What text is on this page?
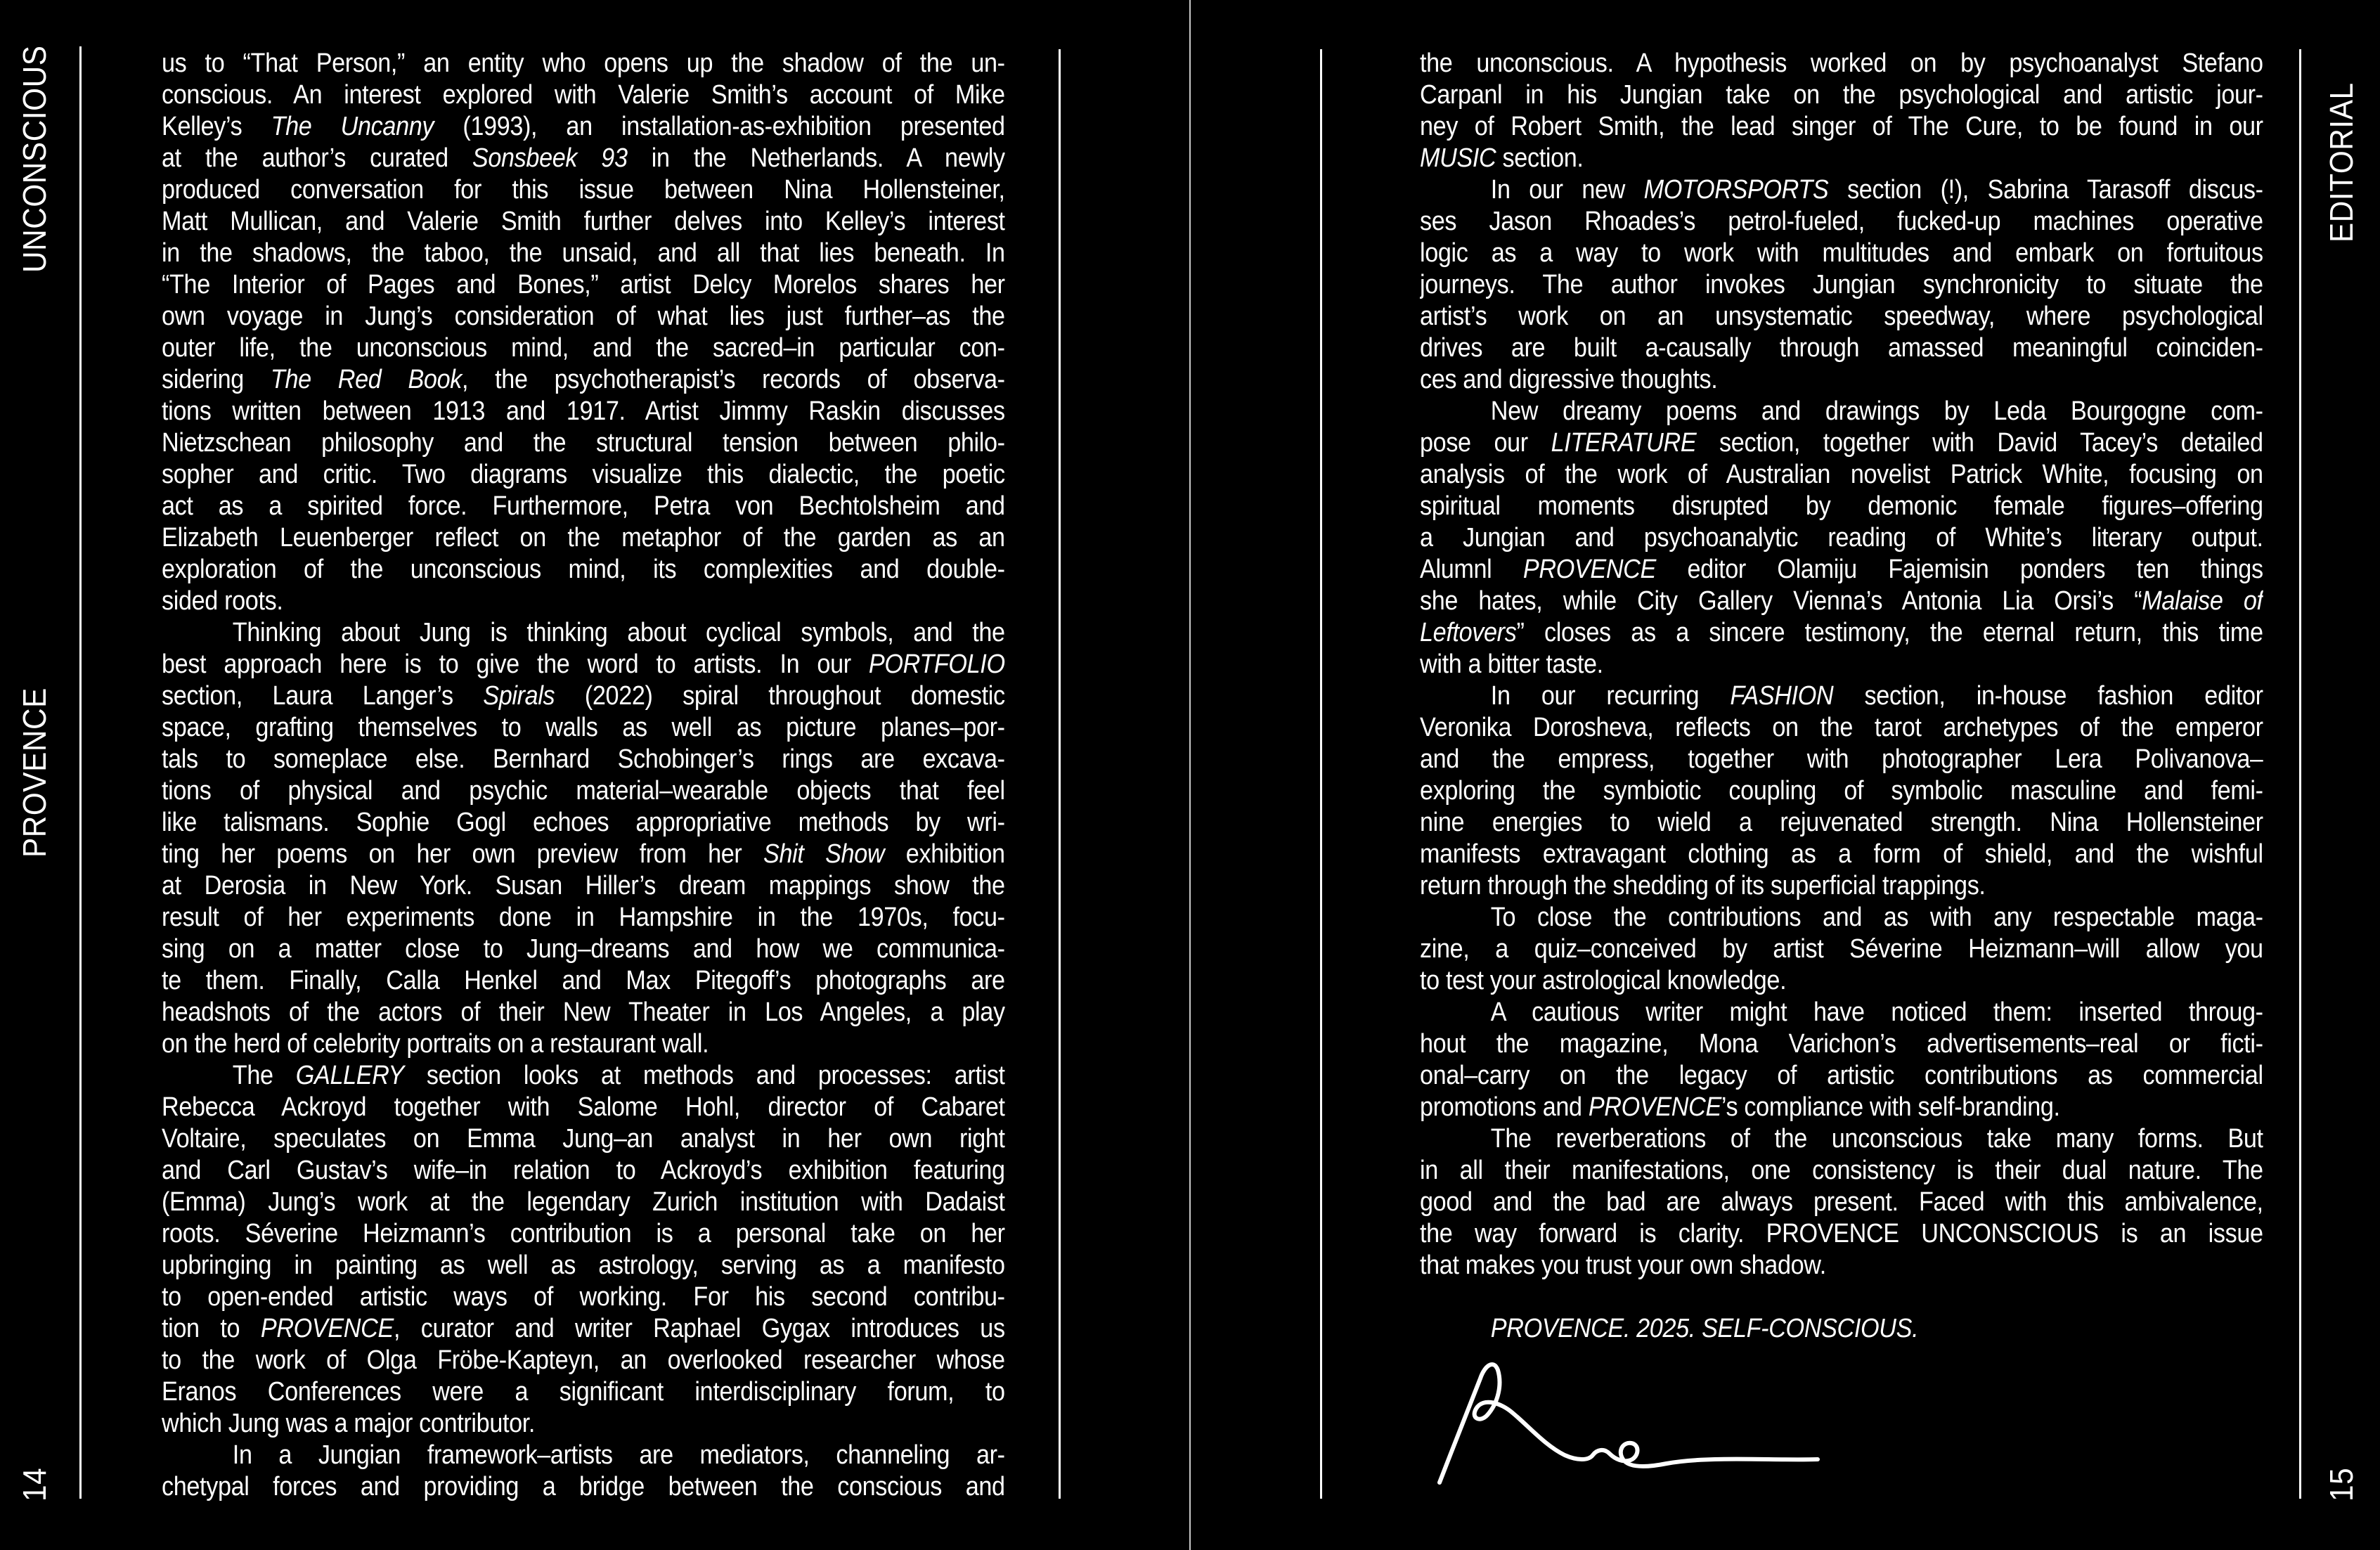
UNCONSCIOUS
PROVENCE
14
EDITORIAL
15
us to “That Person,” an entity who opens up the shadow of the un-
conscious. An interest explored with Valerie Smith’s account of Mike
Kelley’s The Uncanny (1993), an installation-as-exhibition presented
at the author’s curated Sonsbeek 93 in the Netherlands. A newly
produced conversation for this issue between Nina Hollensteiner,
Matt Mullican, and Valerie Smith further delves into Kelley’s interest
in the shadows, the taboo, the unsaid, and all that lies beneath. In
“The Interior of Pages and Bones,” artist Delcy Morelos shares her
own voyage in Jung’s consideration of what lies just further–as the
outer life, the unconscious mind, and the sacred–in particular con-
sidering The Red Book, the psychotherapist’s records of observa-
tions written between 1913 and 1917. Artist Jimmy Raskin discusses
Nietzschean philosophy and the structural tension between philo-
sopher and critic. Two diagrams visualize this dialectic, the poetic
act as a spirited force. Furthermore, Petra von Bechtolsheim and
Elizabeth Leuenberger reflect on the metaphor of the garden as an
exploration of the unconscious mind, its complexities and double-
sided roots.
Thinking about Jung is thinking about cyclical symbols, and the
best approach here is to give the word to artists. In our PORTFOLIO
section, Laura Langer’s Spirals (2022) spiral throughout domestic
space, grafting themselves to walls as well as picture planes–por-
tals to someplace else. Bernhard Schobinger’s rings are excava-
tions of physical and psychic material–wearable objects that feel
like talismans. Sophie Gogl echoes appropriative methods by wri-
ting her poems on her own preview from her Shit Show exhibition
at Derosia in New York. Susan Hiller’s dream mappings show the
result of her experiments done in Hampshire in the 1970s, focu-
sing on a matter close to Jung–dreams and how we communica-
te them. Finally, Calla Henkel and Max Pitegoff’s photographs are
headshots of the actors of their New Theater in Los Angeles, a play
on the herd of celebrity portraits on a restaurant wall.
The GALLERY section looks at methods and processes: artist
Rebecca Ackroyd together with Salome Hohl, director of Cabaret
Voltaire, speculates on Emma Jung–an analyst in her own right
and Carl Gustav’s wife–in relation to Ackroyd’s exhibition featuring
(Emma) Jung’s work at the legendary Zurich institution with Dadaist
roots. Séverine Heizmann’s contribution is a personal take on her
upbringing in painting as well as astrology, serving as a manifesto
to open-ended artistic ways of working. For his second contribu-
tion to PROVENCE, curator and writer Raphael Gygax introduces us
to the work of Olga Fröbe-Kapteyn, an overlooked researcher whose
Eranos Conferences were a significant interdisciplinary forum, to
which Jung was a major contributor.
In a Jungian framework–artists are mediators, channeling ar-
chetypal forces and providing a bridge between the conscious and
the unconscious. A hypothesis worked on by psychoanalyst Stefano
Carpanl in his Jungian take on the psychological and artistic jour-
ney of Robert Smith, the lead singer of The Cure, to be found in our
MUSIC section.
In our new MOTORSPORTS section (!), Sabrina Tarasoff discus-
ses Jason Rhoades’s petrol-fueled, fucked-up machines operative
logic as a way to work with multitudes and embark on fortuitous
journeys. The author invokes Jungian synchronicity to situate the
artist’s work on an unsystematic speedway, where psychological
drives are built a-causally through amassed meaningful coinciden-
ces and digressive thoughts.
New dreamy poems and drawings by Leda Bourgogne com-
pose our LITERATURE section, together with David Tacey’s detailed
analysis of the work of Australian novelist Patrick White, focusing on
spiritual moments disrupted by demonic female figures–offering
a Jungian and psychoanalytic reading of White’s literary output.
Alumnl PROVENCE editor Olamiju Fajemisin ponders ten things
she hates, while City Gallery Vienna’s Antonia Lia Orsi’s “Malaise of
Leftovers” closes as a sincere testimony, the eternal return, this time
with a bitter taste.
In our recurring FASHION section, in-house fashion editor
Veronika Dorosheva, reflects on the tarot archetypes of the emperor
and the empress, together with photographer Lera Polivanova–
exploring the symbiotic coupling of symbolic masculine and femi-
nine energies to wield a rejuvenated strength. Nina Hollensteiner
manifests extravagant clothing as a form of shield, and the wishful
return through the shedding of its superficial trappings.
To close the contributions and as with any respectable maga-
zine, a quiz–conceived by artist Séverine Heizmann–will allow you
to test your astrological knowledge.
A cautious writer might have noticed them: inserted throug-
hout the magazine, Mona Varichon’s advertisements–real or ficti-
onal–carry on the legacy of artistic contributions as commercial
promotions and PROVENCE’s compliance with self-branding.
The reverberations of the unconscious take many forms. But
in all their manifestations, one consistency is their dual nature. The
good and the bad are always present. Faced with this ambivalence,
the way forward is clarity. PROVENCE UNCONSCIOUS is an issue
that makes you trust your own shadow.

PROVENCE. 2025. SELF-CONSCIOUS.
